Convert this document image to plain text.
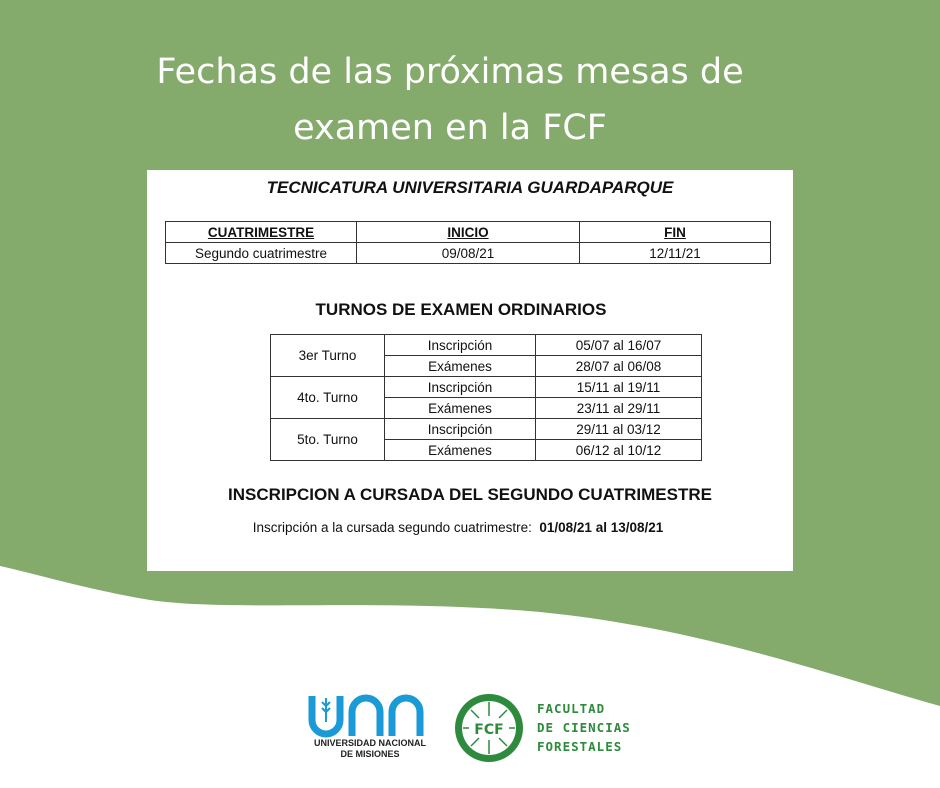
Fechas de las próximas mesas de
examen en la FCF
TECNICATURA UNIVERSITARIA GUARDAPARQUE
CUATRIMESTRE	INICIO	FIN
Segundo cuatrimestre	09/08/21	12/11/21
TURNOS DE EXAMEN ORDINARIOS
3er Turno	Inscripción	05/07 al 16/07
	Exámenes	28/07 al 06/08
4to. Turno	Inscripción	15/11 al 19/11
	Exámenes	23/11 al 29/11
5to. Turno	Inscripción	29/11 al 03/12
	Exámenes	06/12 al 10/12
INSCRIPCION A CURSADA DEL SEGUNDO CUATRIMESTRE
Inscripción a la cursada segundo cuatrimestre: 01/08/21 al 13/08/21
UNIVERSIDAD NACIONAL
DE MISIONES
FCF
FACULTAD
DE CIENCIAS
FORESTALES
